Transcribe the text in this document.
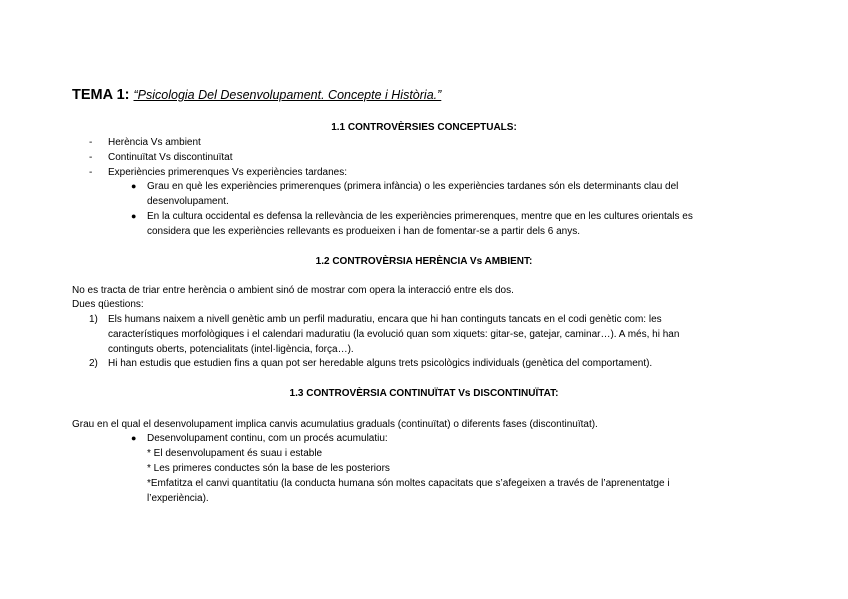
TEMA 1: “Psicologia Del Desenvolupament. Concepte i Història.”
1.1 CONTROVÈRSIES CONCEPTUALS:
- Herència Vs ambient
- Continuïtat Vs discontinuïtat
- Experiències primerenques Vs experiències tardanes:
● Grau en què les experiències primerenques (primera infància) o les experiències tardanes són els determinants clau del
desenvolupament.
● En la cultura occidental es defensa la rellevància de les experiències primerenques, mentre que en les cultures orientals es
considera que les experiències rellevants es produeixen i han de fomentar-se a partir dels 6 anys.
1.2 CONTROVÈRSIA HERÈNCIA Vs AMBIENT:
No es tracta de triar entre herència o ambient sinó de mostrar com opera la interacció entre els dos.
Dues qüestions:
1) Els humans naixem a nivell genètic amb un perfil maduratiu, encara que hi han continguts tancats en el codi genètic com: les
característiques morfològiques i el calendari maduratiu (la evolució quan som xiquets: gitar-se, gatejar, caminar…). A més, hi han
continguts oberts, potencialitats (intel·ligència, força…).
2) Hi han estudis que estudien fins a quan pot ser heredable alguns trets psicològics individuals (genètica del comportament).
1.3 CONTROVÈRSIA CONTINUÏTAT Vs DISCONTINUÏTAT:
Grau en el qual el desenvolupament implica canvis acumulatius graduals (continuïtat) o diferents fases (discontinuïtat).
● Desenvolupament continu, com un procés acumulatiu:
* El desenvolupament és suau i estable
* Les primeres conductes són la base de les posteriors
*Emfatitza el canvi quantitatiu (la conducta humana són moltes capacitats que s’afegeixen a través de l’aprenentatge i
l’experiència).
